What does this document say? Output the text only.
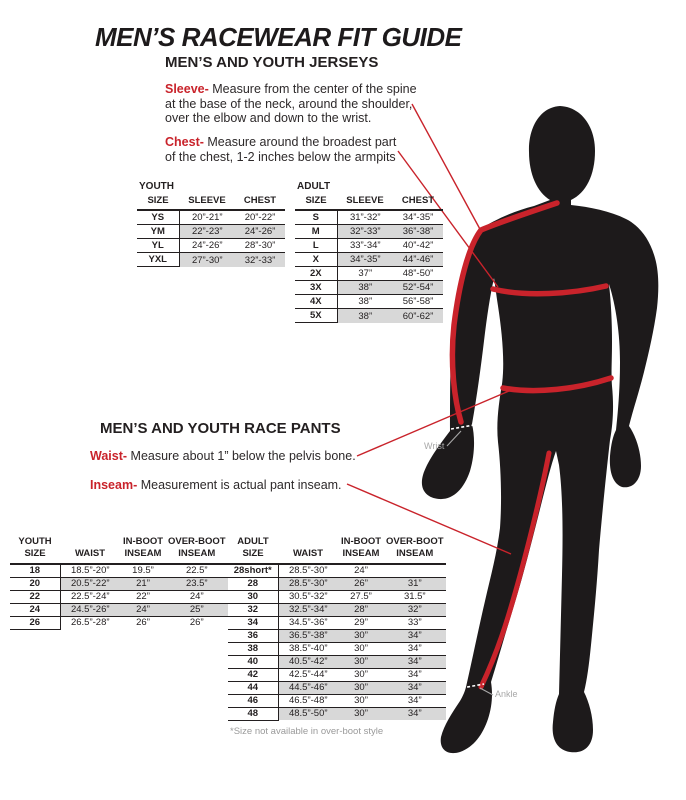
MEN’S RACEWEAR FIT GUIDE
MEN’S AND YOUTH JERSEYS
Sleeve- Measure from the center of the spine
at the base of the neck, around the shoulder,
over the elbow and down to the wrist.
Chest- Measure around the broadest part
of the chest, 1-2 inches below the armpits
YOUTH
SIZE	SLEEVE	CHEST
YS	20”-21”	20”-22”
YM	22”-23”	24”-26”
YL	24”-26”	28”-30”
YXL	27”-30”	32”-33”
ADULT
SIZE	SLEEVE	CHEST
S	31”-32”	34”-35”
M	32”-33”	36”-38”
L	33”-34”	40”-42”
X	34”-35”	44”-46”
2X	37”	48”-50”
3X	38”	52”-54”
4X	38”	56”-58”
5X	38”	60”-62”
MEN’S AND YOUTH RACE PANTS
Waist- Measure about 1” below the pelvis bone.
Inseam- Measurement is actual pant inseam.
YOUTH
SIZE	WAIST	IN-BOOT
INSEAM	OVER-BOOT
INSEAM

18	18.5”-20”	19.5”	22.5”
20	20.5”-22”	21”	23.5”
22	22.5”-24”	22”	24”
24	24.5”-26”	24”	25”
26	26.5”-28”	26”	26”
ADULT
SIZE	WAIST	IN-BOOT
INSEAM	OVER-BOOT
INSEAM

28short*	28.5”-30”	24”	
28	28.5”-30”	26”	31”
30	30.5”-32”	27.5”	31.5”
32	32.5”-34”	28”	32”
34	34.5”-36”	29”	33”
36	36.5”-38”	30”	34”
38	38.5”-40”	30”	34”
40	40.5”-42”	30”	34”
42	42.5”-44”	30”	34”
44	44.5”-46”	30”	34”
46	46.5”-48”	30”	34”
48	48.5”-50”	30”	34”
*Size not available in over-boot style
Wrist
Ankle
